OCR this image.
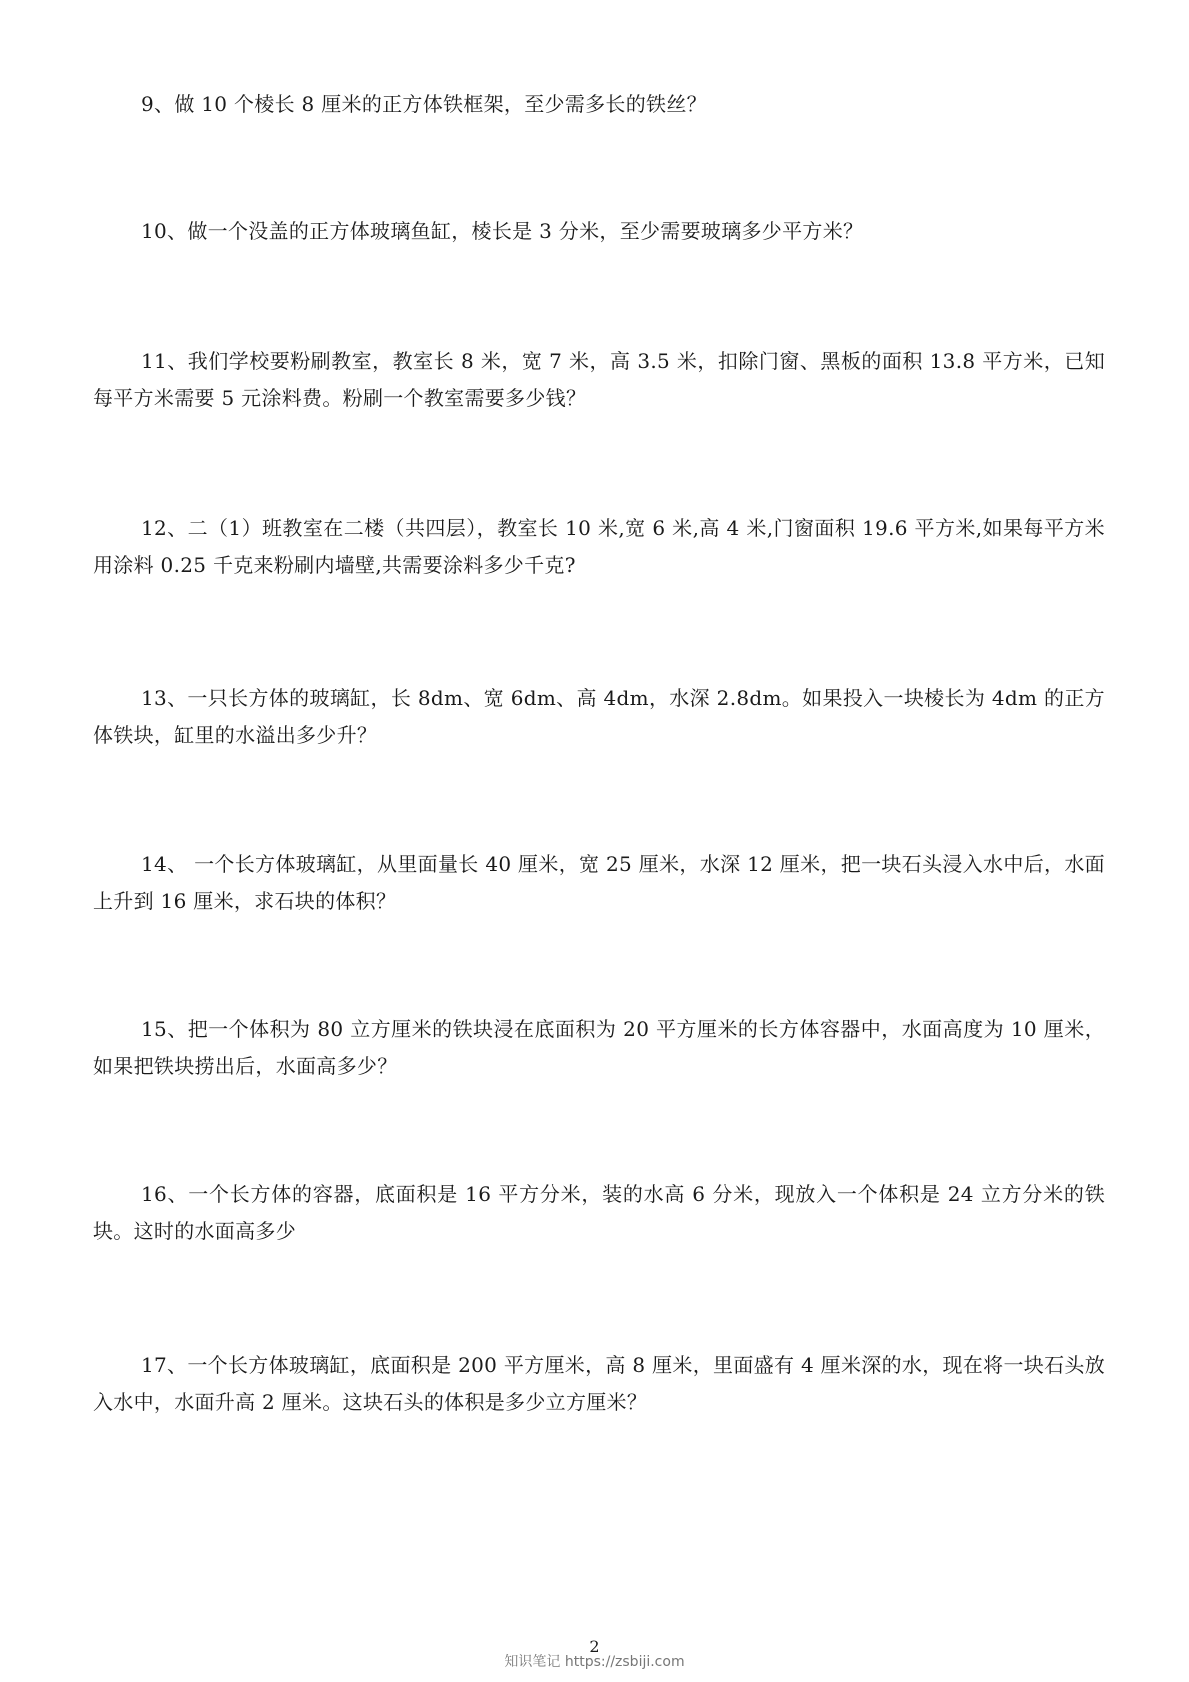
9、做 10 个棱长 8 厘米的正方体铁框架，至少需多长的铁丝？

10、做一个没盖的正方体玻璃鱼缸，棱长是 3 分米，至少需要玻璃多少平方米？

11、我们学校要粉刷教室，教室长 8 米，宽 7 米，高 3.5 米，扣除门窗、黑板的面积 13.8 平方米，已知每平方米需要 5 元涂料费。粉刷一个教室需要多少钱？

12、二（1）班教室在二楼（共四层），教室长 10 米,宽 6 米,高 4 米,门窗面积 19.6 平方米,如果每平方米用涂料 0.25 千克来粉刷内墙壁,共需要涂料多少千克?

13、一只长方体的玻璃缸，长 8dm、宽 6dm、高 4dm，水深 2.8dm。如果投入一块棱长为 4dm 的正方体铁块，缸里的水溢出多少升？

14、 一个长方体玻璃缸，从里面量长 40 厘米，宽 25 厘米，水深 12 厘米，把一块石头浸入水中后，水面上升到 16 厘米，求石块的体积？

15、把一个体积为 80 立方厘米的铁块浸在底面积为 20 平方厘米的长方体容器中，水面高度为 10 厘米，如果把铁块捞出后，水面高多少？

16、一个长方体的容器，底面积是 16 平方分米，装的水高 6 分米，现放入一个体积是 24 立方分米的铁块。这时的水面高多少

17、一个长方体玻璃缸，底面积是 200 平方厘米，高 8 厘米，里面盛有 4 厘米深的水，现在将一块石头放入水中，水面升高 2 厘米。这块石头的体积是多少立方厘米？

2
知识笔记 https://zsbiji.com
